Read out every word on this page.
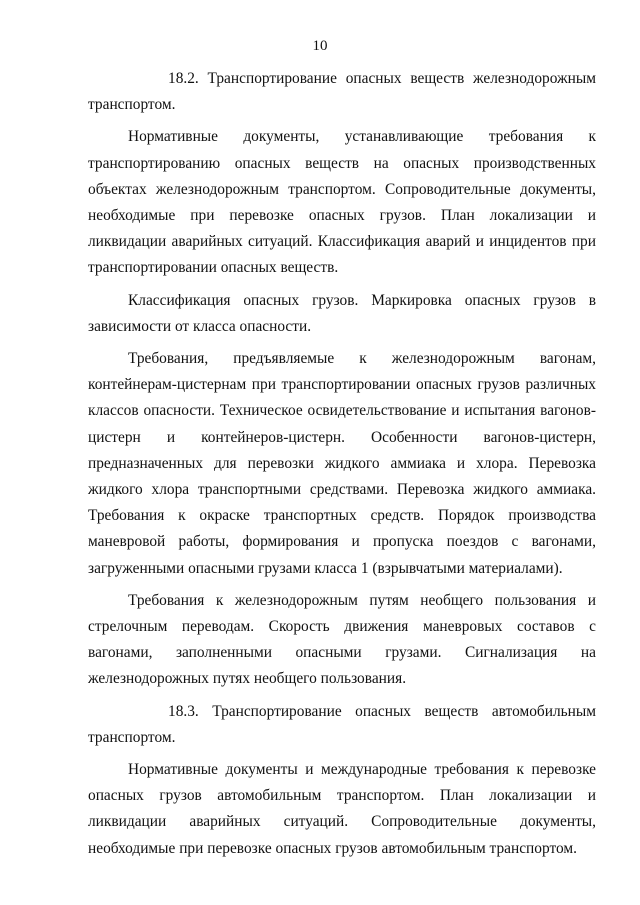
10

18.2. Транспортирование опасных веществ железнодорожным транспортом.

Нормативные документы, устанавливающие требования к транспортированию опасных веществ на опасных производственных объектах железнодорожным транспортом. Сопроводительные документы, необходимые при перевозке опасных грузов. План локализации и ликвидации аварийных ситуаций. Классификация аварий и инцидентов при транспортировании опасных веществ.

Классификация опасных грузов. Маркировка опасных грузов в зависимости от класса опасности.

Требования, предъявляемые к железнодорожным вагонам, контейнерам-цистернам при транспортировании опасных грузов различных классов опасности. Техническое освидетельствование и испытания вагонов-цистерн и контейнеров-цистерн. Особенности вагонов-цистерн, предназначенных для перевозки жидкого аммиака и хлора. Перевозка жидкого хлора транспортными средствами. Перевозка жидкого аммиака. Требования к окраске транспортных средств. Порядок производства маневровой работы, формирования и пропуска поездов с вагонами, загруженными опасными грузами класса 1 (взрывчатыми материалами).

Требования к железнодорожным путям необщего пользования и стрелочным переводам. Скорость движения маневровых составов с вагонами, заполненными опасными грузами. Сигнализация на железнодорожных путях необщего пользования.

18.3. Транспортирование опасных веществ автомобильным транспортом.

Нормативные документы и международные требования к перевозке опасных грузов автомобильным транспортом. План локализации и ликвидации аварийных ситуаций. Сопроводительные документы, необходимые при перевозке опасных грузов автомобильным транспортом.
